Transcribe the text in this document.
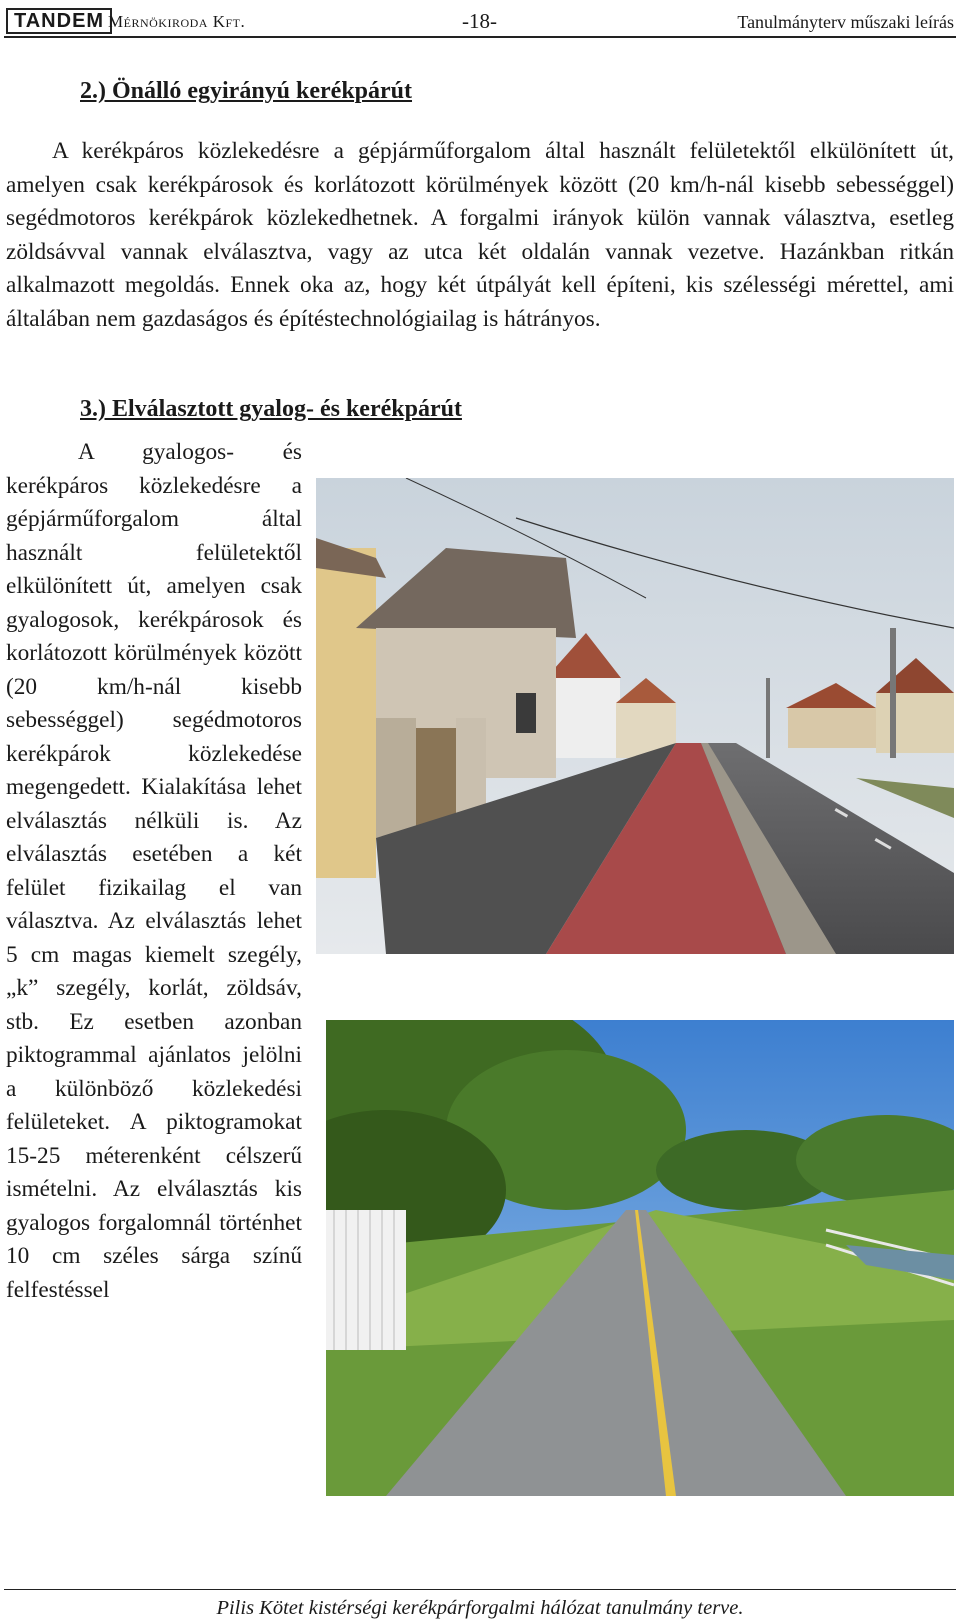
TANDEM Mérnökiroda Kft.	-18-	Tanulmányterv műszaki leírás
2.) Önálló egyirányú kerékpárút
A kerékpáros közlekedésre a gépjárműforgalom által használt felületektől elkülönített út, amelyen csak kerékpárosok és korlátozott körülmények között (20 km/h-nál kisebb sebességgel) segédmotoros kerékpárok közlekedhetnek. A forgalmi irányok külön vannak választva, esetleg zöldsávval vannak elválasztva, vagy az utca két oldalán vannak vezetve. Hazánkban ritkán alkalmazott megoldás. Ennek oka az, hogy két útpályát kell építeni, kis szélességi mérettel, ami általában nem gazdaságos és építéstechnológiailag is hátrányos.
3.) Elválasztott gyalog- és kerékpárút
A gyalogos- és kerékpáros közlekedésre a gépjárműforgalom által használt felületektől elkülönített út, amelyen csak gyalogosok, kerékpárosok és korlátozott körülmények között (20 km/h-nál kisebb sebességgel) segédmotoros kerékpárok közlekedése megengedett. Kialakítása lehet elválasztás nélküli is. Az elválasztás esetében a két felület fizikailag el van választva. Az elválasztás lehet 5 cm magas kiemelt szegély, „k” szegély, korlát, zöldsáv, stb. Ez esetben azonban piktogrammal ajánlatos jelölni a különböző közlekedési felületeket. A piktogramokat 15-25 méterenként célszerű ismételni. Az elválasztás kis gyalogos forgalomnál történhet 10 cm széles sárga színű felfestéssel
Pilis Kötet kistérségi kerékpárforgalmi hálózat tanulmány terve.
